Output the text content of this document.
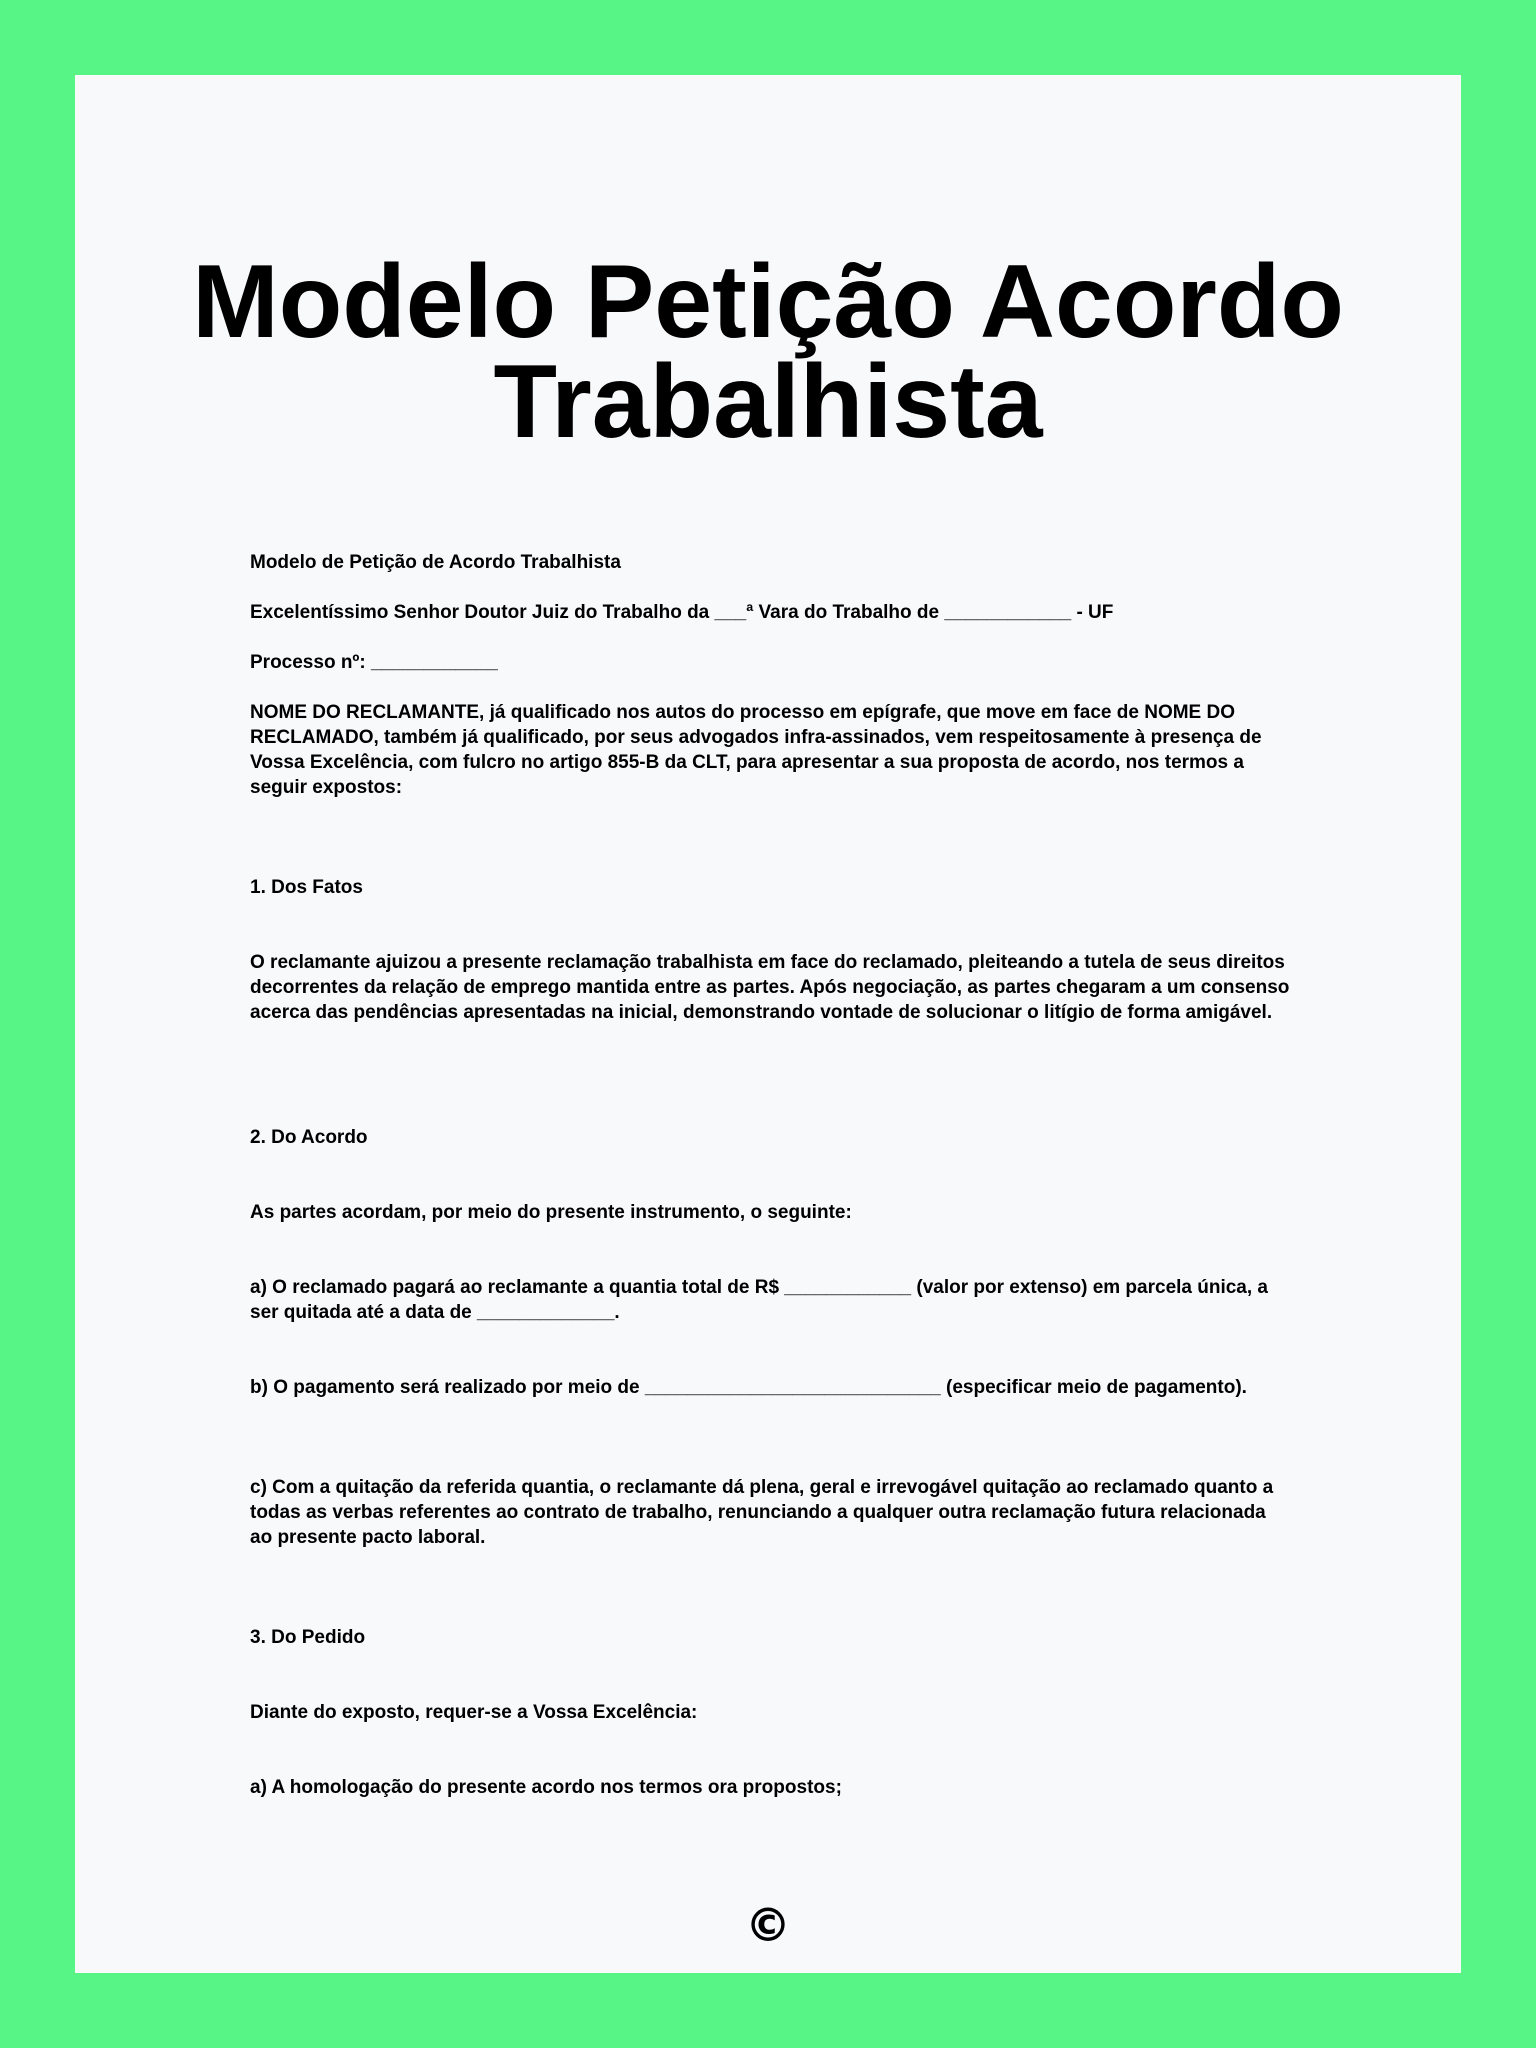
Modelo Petição Acordo
Trabalhista

Modelo de Petição de Acordo Trabalhista

Excelentíssimo Senhor Doutor Juiz do Trabalho da ___ª Vara do Trabalho de ____________ - UF

Processo nº: ____________

NOME DO RECLAMANTE, já qualificado nos autos do processo em epígrafe, que move em face de NOME DO RECLAMADO, também já qualificado, por seus advogados infra-assinados, vem respeitosamente à presença de Vossa Excelência, com fulcro no artigo 855-B da CLT, para apresentar a sua proposta de acordo, nos termos a seguir expostos:

1. Dos Fatos

O reclamante ajuizou a presente reclamação trabalhista em face do reclamado, pleiteando a tutela de seus direitos decorrentes da relação de emprego mantida entre as partes. Após negociação, as partes chegaram a um consenso acerca das pendências apresentadas na inicial, demonstrando vontade de solucionar o litígio de forma amigável.

2. Do Acordo

As partes acordam, por meio do presente instrumento, o seguinte:

a) O reclamado pagará ao reclamante a quantia total de R$ ____________ (valor por extenso) em parcela única, a ser quitada até a data de _____________.

b) O pagamento será realizado por meio de ____________________________ (especificar meio de pagamento).

c) Com a quitação da referida quantia, o reclamante dá plena, geral e irrevogável quitação ao reclamado quanto a todas as verbas referentes ao contrato de trabalho, renunciando a qualquer outra reclamação futura relacionada ao presente pacto laboral.

3. Do Pedido

Diante do exposto, requer-se a Vossa Excelência:

a) A homologação do presente acordo nos termos ora propostos;

©
